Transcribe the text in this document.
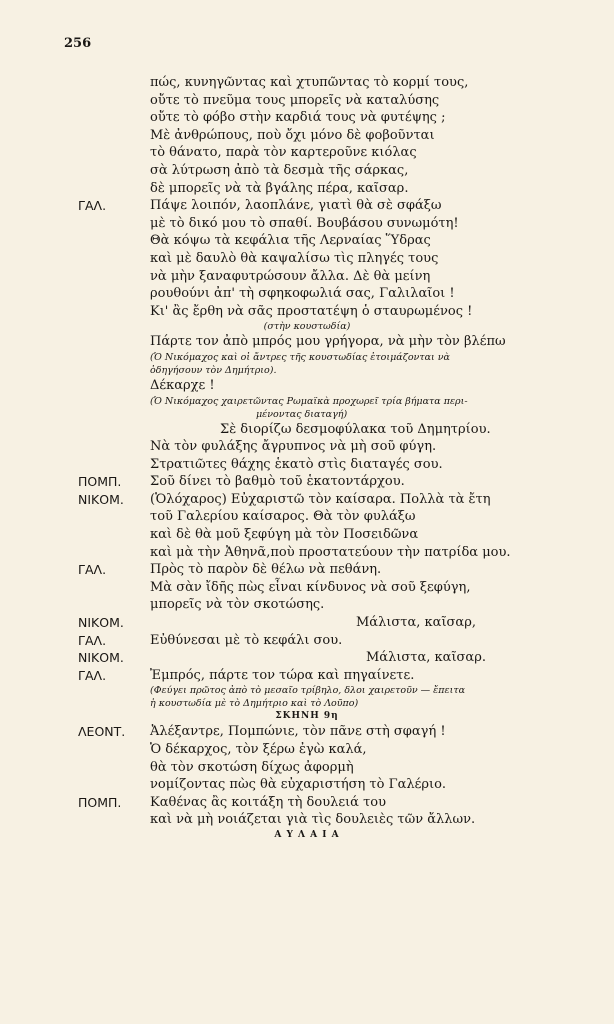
256
πώς, κυνηγῶντας καὶ χτυπῶντας τὸ κορμί τους,
οὔτε τὸ πνεῦμα τους μπορεῖς νὰ καταλύσης
οὔτε τὸ φόβο στὴν καρδιά τους νὰ φυτέψης ;
Μὲ ἀνθρώπους, ποὺ ὄχι μόνο δὲ φοβοῦνται
τὸ θάνατο, παρὰ τὸν καρτεροῦνε κιόλας
σὰ λύτρωση ἀπὸ τὰ δεσμὰ τῆς σάρκας,
δὲ μπορεῖς νὰ τὰ βγάλης πέρα, καῖσαρ.
ΓΑΛ.	Πάψε λοιπόν, λαοπλάνε, γιατὶ θὰ σὲ σφάξω
μὲ τὸ δικό μου τὸ σπαθί. Βουβάσου συνωμότη!
Θὰ κόψω τὰ κεφάλια τῆς Λερναίας Ὕδρας
καὶ μὲ δαυλὸ θὰ καψαλίσω τὶς πληγές τους
νὰ μὴν ξαναφυτρώσουν ἄλλα. Δὲ θὰ μείνη
ρουθούνι ἀπ' τὴ σφηκοφωλιά σας, Γαλιλαῖοι !
Κι' ἂς ἔρθη νὰ σᾶς προστατέψη ὁ σταυρωμένος !
(στὴν κουστωδία)
Πάρτε τον ἀπὸ μπρός μου γρήγορα, νὰ μὴν τὸν βλέπω
(Ὁ Νικόμαχος καὶ οἱ ἄντρες τῆς κουστωδίας ἑτοιμάζονται νὰ
ὁδηγήσουν τὸν Δημήτριο).
Δέκαρχε !
(Ὁ Νικόμαχος χαιρετῶντας Ρωμαϊκὰ προχωρεῖ τρία βήματα περι-
μένοντας διαταγή)
Σὲ διορίζω δεσμοφύλακα τοῦ Δημητρίου.
Νὰ τὸν φυλάξης ἄγρυπνος νὰ μὴ σοῦ φύγη.
Στρατιῶτες θάχης ἑκατὸ στὶς διαταγές σου.
ΠΟΜΠ. Σοῦ δίνει τὸ βαθμὸ τοῦ ἑκατοντάρχου.
ΝΙΚΟΜ. (Ὁλόχαρος) Εὐχαριστῶ τὸν καίσαρα. Πολλὰ τὰ ἔτη
τοῦ Γαλερίου καίσαρος. Θὰ τὸν φυλάξω
καὶ δὲ θὰ μοῦ ξεφύγη μὰ τὸν Ποσειδῶνα
καὶ μὰ τὴν Ἀθηνᾶ,ποὺ προστατεύουν τὴν πατρίδα μου.
ΓΑΛ.	Πρὸς τὸ παρὸν δὲ θέλω νὰ πεθάνη.
Μὰ σὰν ἴδῆς πὼς εἶναι κίνδυνος νὰ σοῦ ξεφύγη,
μπορεῖς νὰ τὸν σκοτώσης.
ΝΙΚΟΜ.	Μάλιστα, καῖσαρ,
ΓΑΛ.	Εὐθύνεσαι μὲ τὸ κεφάλι σου.
ΝΙΚΟΜ.	Μάλιστα, καῖσαρ.
ΓΑΛ.	Ἐμπρός, πάρτε τον τώρα καὶ πηγαίνετε.
(Φεύγει πρῶτος ἀπὸ τὸ μεσαῖο τρίβηλο, δλοι χαιρετοῦν — ἔπειτα
ἡ κουστωδία μὲ τὸ Δημήτριο καὶ τὸ Λοῦπο)
ΣΚΗΝΗ 9η
ΛΕΟΝΤ. Ἀλέξαντρε, Πομπώνιε, τὸν πᾶνε στὴ σφαγή !
Ὁ δέκαρχος, τὸν ξέρω ἐγὼ καλά,
θὰ τὸν σκοτώση δίχως ἀφορμὴ
νομίζοντας πὼς θὰ εὐχαριστήση τὸ Γαλέριο.
ΠΟΜΠ. Καθένας ἂς κοιτάξη τὴ δουλειά του
καὶ νὰ μὴ νοιάζεται γιὰ τὶς δουλειὲς τῶν ἄλλων.
Α Υ Λ Α Ι Α
